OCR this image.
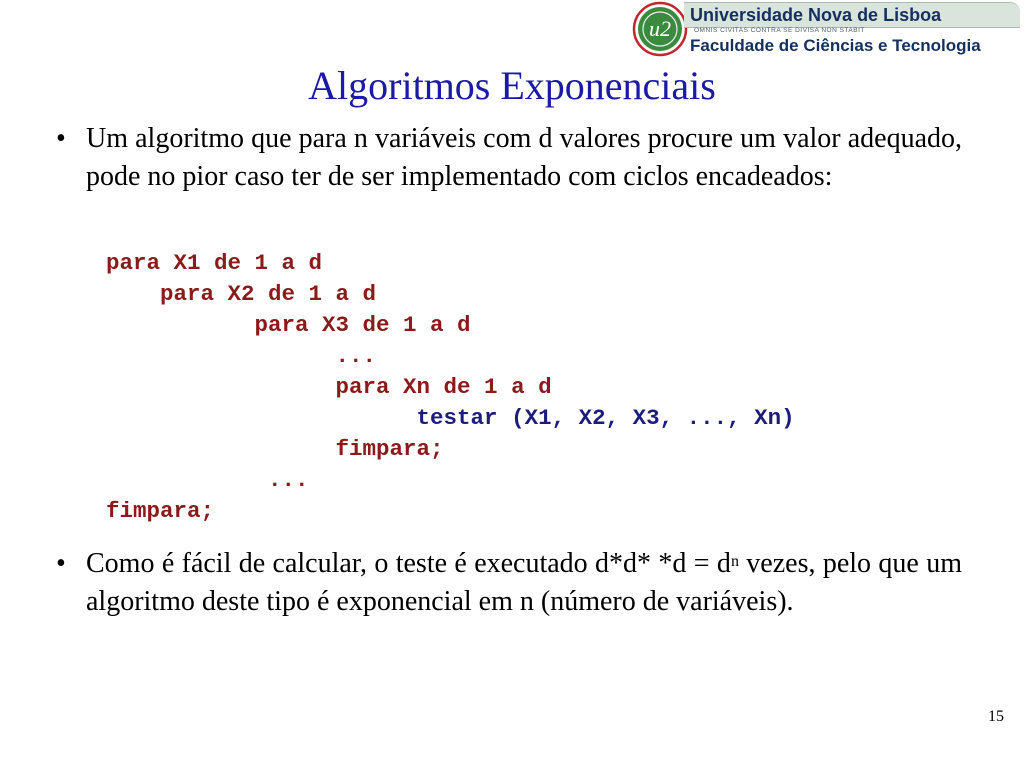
u2
Universidade Nova de Lisboa
OMNIS CIVITAS CONTRA SE DIVISA NON STABIT
Faculdade de Ciências e Tecnologia
Algoritmos Exponenciais
• Um algoritmo que para n variáveis com d valores procure um valor adequado, pode no pior caso ter de ser implementado com ciclos encadeados:
para X1 de 1 a d
para X2 de 1 a d
para X3 de 1 a d
...
para Xn de 1 a d
testar (X1, X2, X3, ..., Xn)
fimpara;
...
fimpara;
• Como é fácil de calcular, o teste é executado d*d* $*d = d^n$ vezes, pelo que um algoritmo deste tipo é exponencial em n (número de variáveis).
15
